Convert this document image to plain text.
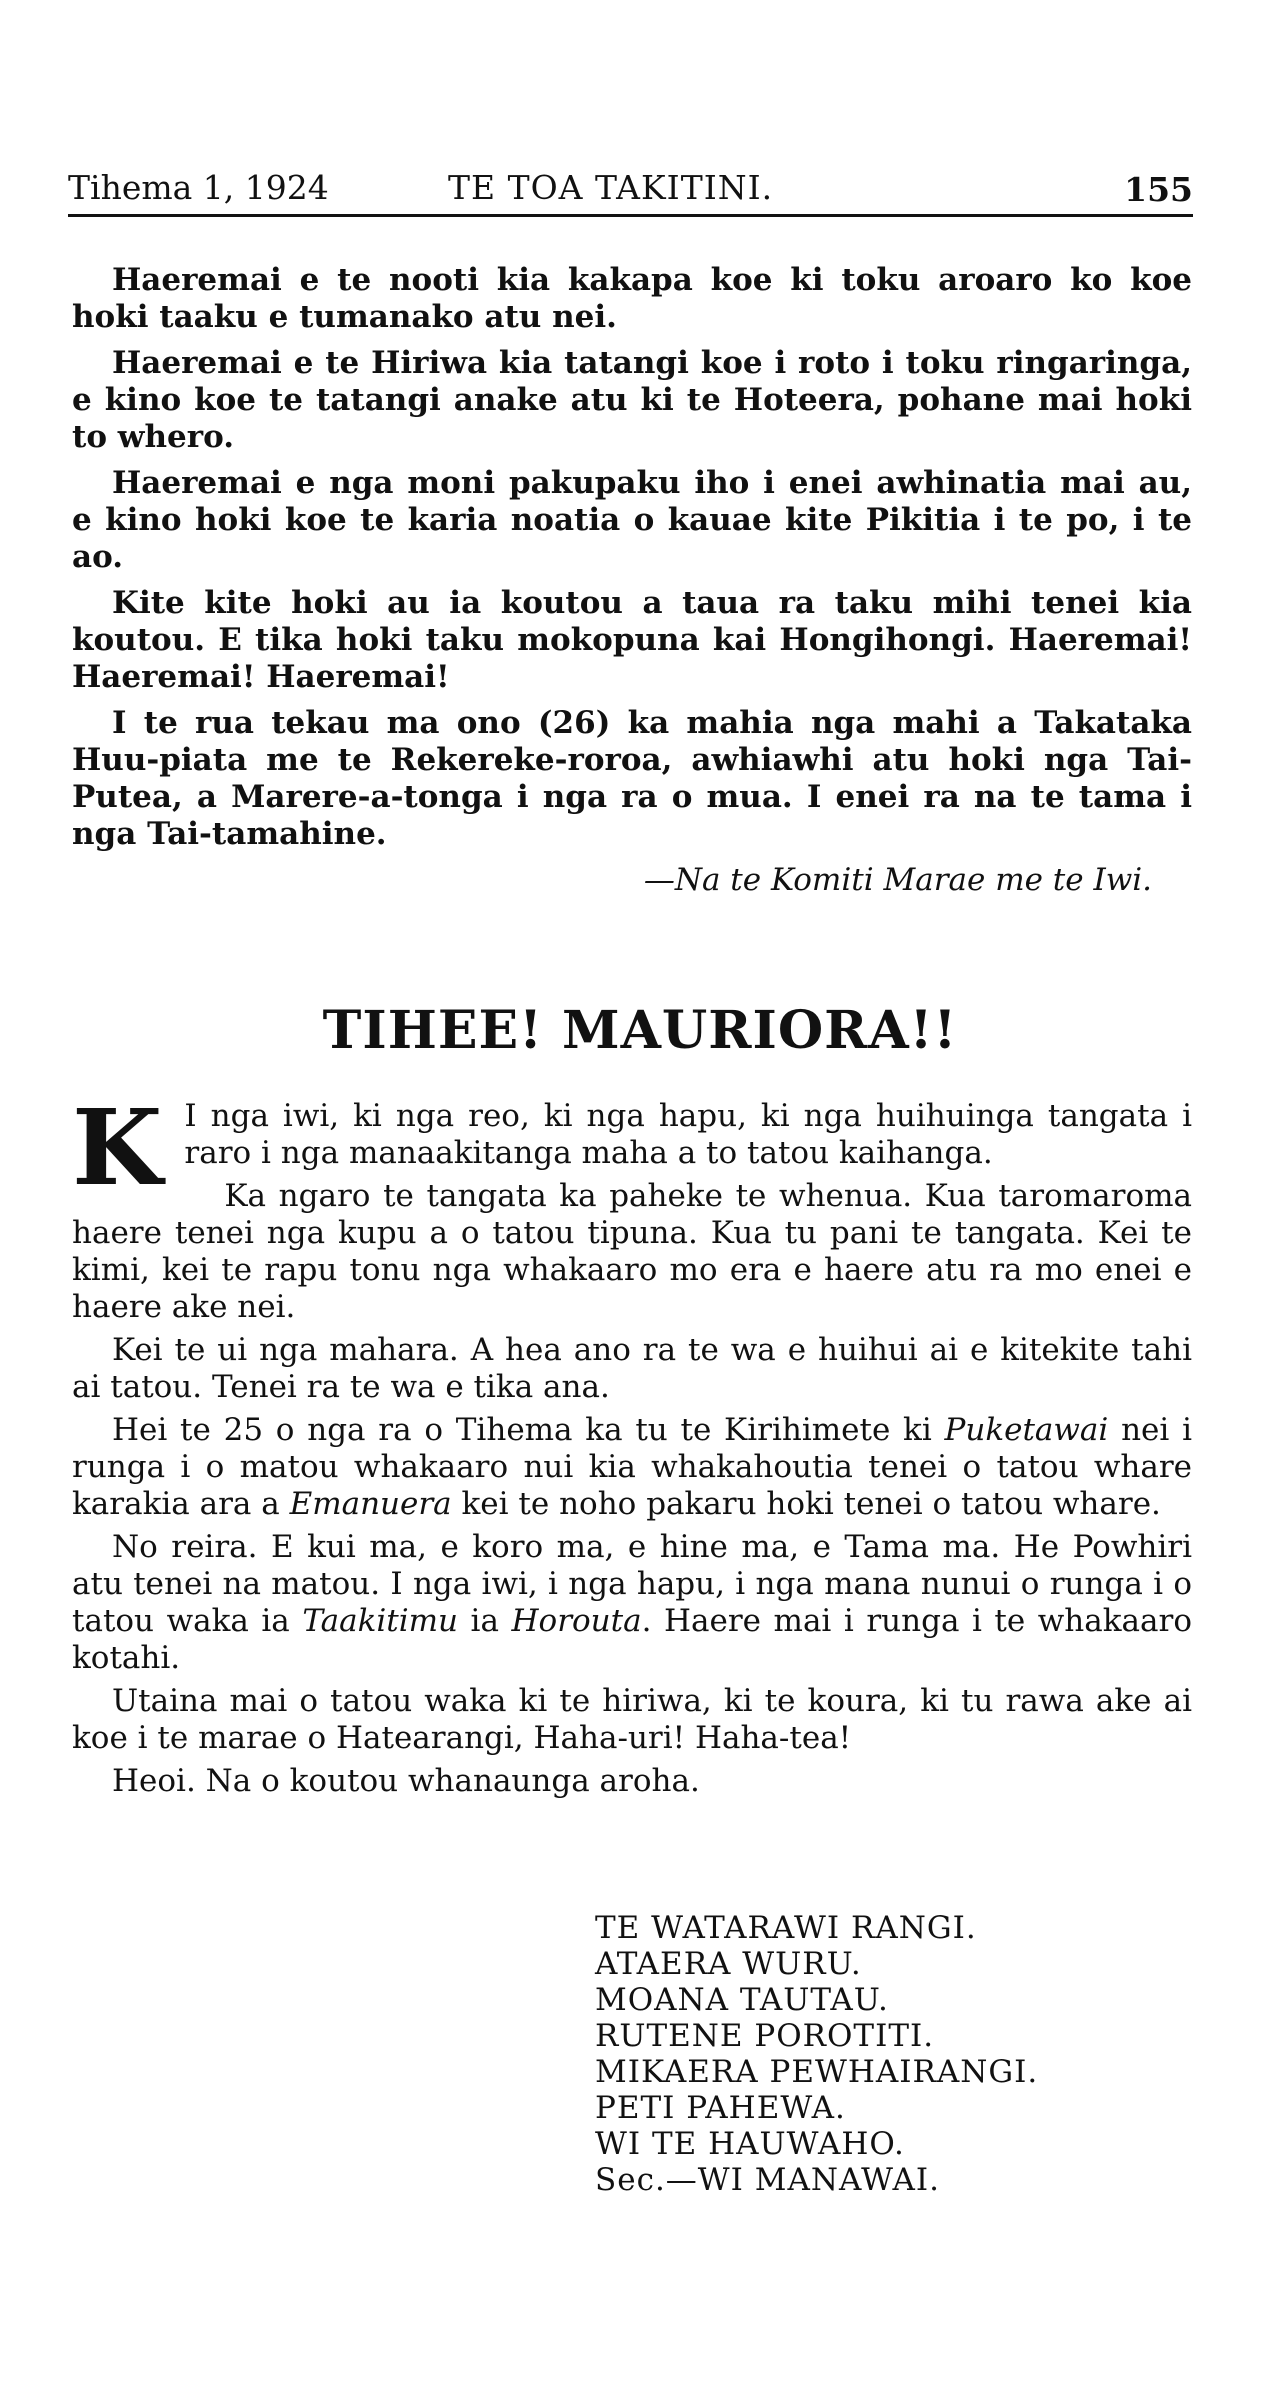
Tihema 1, 1924	TE TOA TAKITINI.	155

Haeremai e te nooti kia kakapa koe ki toku aroaro ko koe hoki taaku e tumanako atu nei.

Haeremai e te Hiriwa kia tatangi koe i roto i toku ringaringa, e kino koe te tatangi anake atu ki te Hoteera, pohane mai hoki to whero.

Haeremai e nga moni pakupaku iho i enei awhinatia mai au, e kino hoki koe te karia noatia o kauae kite Pikitia i te po, i te ao.

Kite kite hoki au ia koutou a taua ra taku mihi tenei kia koutou. E tika hoki taku mokopuna kai Hongihongi. Haeremai! Haeremai! Haeremai!

I te rua tekau ma ono (26) ka mahia nga mahi a Takataka Huu-piata me te Rekereke-roroa, awhiawhi atu hoki nga Tai-Putea, a Marere-a-tonga i nga ra o mua. I enei ra na te tama i nga Tai-tamahine.

—Na te Komiti Marae me te Iwi.
TIHEE! MAURIORA!!

K I nga iwi, ki nga reo, ki nga hapu, ki nga huihuinga tangata i raro i nga manaakitanga maha a to tatou kaihanga.

Ka ngaro te tangata ka paheke te whenua. Kua taromaroma haere tenei nga kupu a o tatou tipuna. Kua tu pani te tangata. Kei te kimi, kei te rapu tonu nga whakaaro mo era e haere atu ra mo enei e haere ake nei.

Kei te ui nga mahara. A hea ano ra te wa e huihui ai e kitekite tahi ai tatou. Tenei ra te wa e tika ana.

Hei te 25 o nga ra o Tihema ka tu te Kirihimete ki Puketawai nei i runga i o matou whakaaro nui kia whakahoutia tenei o tatou whare karakia ara a Emanuera kei te noho pakaru hoki tenei o tatou whare.

No reira. E kui ma, e koro ma, e hine ma, e Tama ma. He Powhiri atu tenei na matou. I nga iwi, i nga hapu, i nga mana nunui o runga i o tatou waka ia Taakitimu ia Horouta. Haere mai i runga i te whakaaro kotahi.

Utaina mai o tatou waka ki te hiriwa, ki te koura, ki tu rawa ake ai koe i te marae o Hatearangi, Haha-uri! Haha-tea!

Heoi. Na o koutou whanaunga aroha.

TE WATARAWI RANGI.
ATAERA WURU.
MOANA TAUTAU.
RUTENE POROTITI.
MIKAERA PEWHAIRANGI.
PETI PAHEWA.
WI TE HAUWAHO.
Sec.—WI MANAWAI.
